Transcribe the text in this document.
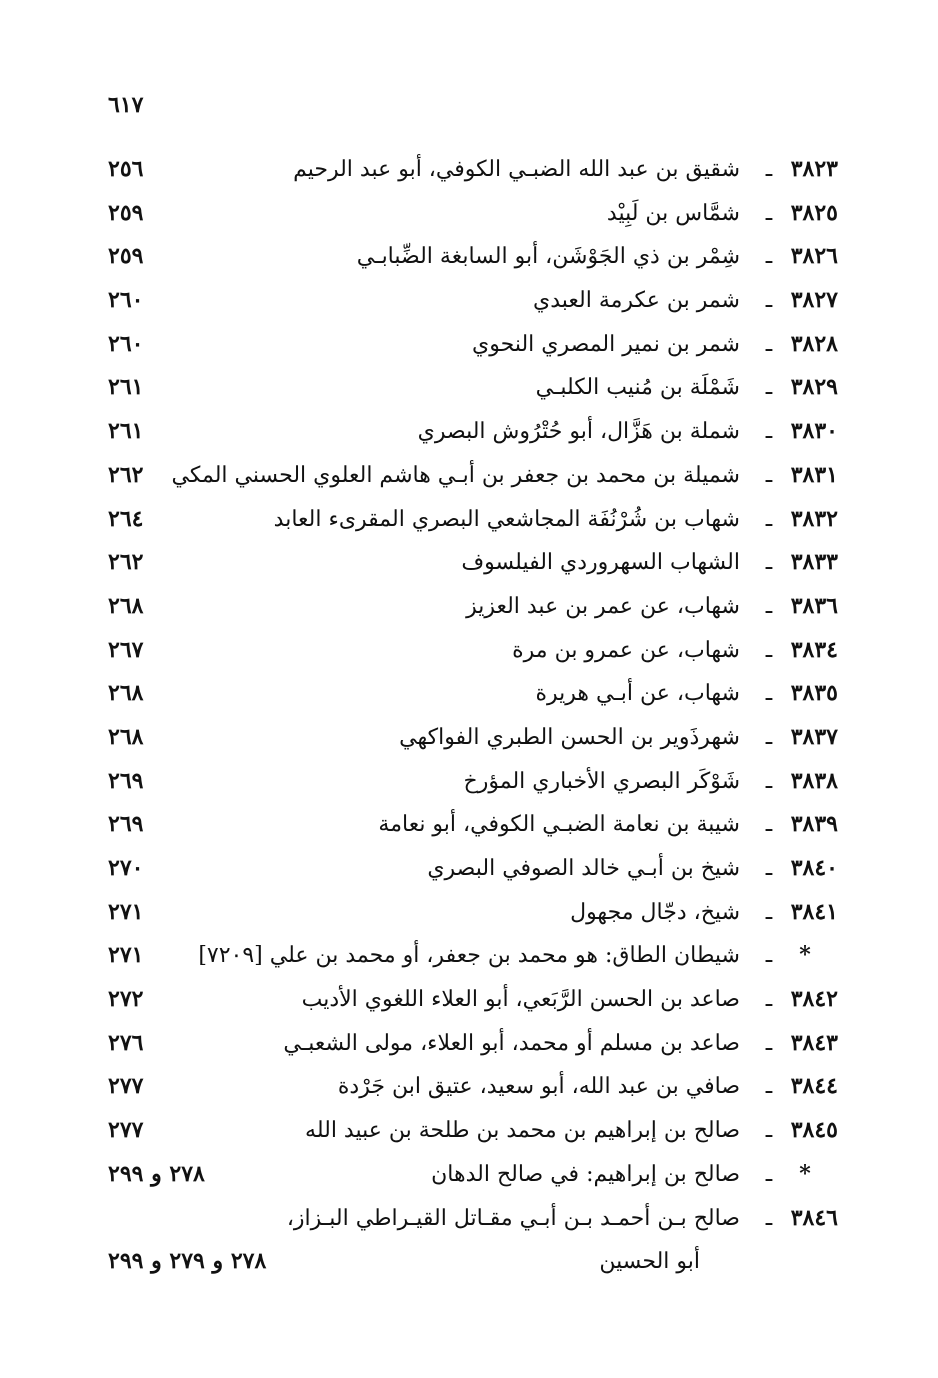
٦١٧
٣٨٢٣
ـ
شقيق بن عبد الله الضبـي الكوفي، أبو عبد الرحيم
٢٥٦
٣٨٢٥
ـ
شمَّاس بن لَبِيْد
٢٥٩
٣٨٢٦
ـ
شِمْر بن ذي الجَوْشَن، أبو السابغة الضِّبابـي
٢٥٩
٣٨٢٧
ـ
شمر بن عكرمة العبدي
٢٦٠
٣٨٢٨
ـ
شمر بن نمير المصري النحوي
٢٦٠
٣٨٢٩
ـ
شَمْلَة بن مُنيب الكلبـي
٢٦١
٣٨٣٠
ـ
شملة بن هَزَّال، أبو حُتْرُوش البصري
٢٦١
٣٨٣١
ـ
شميلة بن محمد بن جعفر بن أبـي هاشم العلوي الحسني المكي
٢٦٢
٣٨٣٢
ـ
شهاب بن شُرْنُفَة المجاشعي البصري المقرىء العابد
٢٦٤
٣٨٣٣
ـ
الشهاب السهروردي الفيلسوف
٢٦٢
٣٨٣٦
ـ
شهاب، عن عمر بن عبد العزيز
٢٦٨
٣٨٣٤
ـ
شهاب، عن عمرو بن مرة
٢٦٧
٣٨٣٥
ـ
شهاب، عن أبـي هريرة
٢٦٨
٣٨٣٧
ـ
شهرذَوير بن الحسن الطبري الفواكهي
٢٦٨
٣٨٣٨
ـ
شَوْكَر البصري الأخباري المؤرخ
٢٦٩
٣٨٣٩
ـ
شيبة بن نعامة الضبـي الكوفي، أبو نعامة
٢٦٩
٣٨٤٠
ـ
شيخ بن أبـي خالد الصوفي البصري
٢٧٠
٣٨٤١
ـ
شيخ، دجّال مجهول
٢٧١
*
ـ
شيطان الطاق: هو محمد بن جعفر، أو محمد بن علي [٧٢٠٩]
٢٧١
٣٨٤٢
ـ
صاعد بن الحسن الرَّبَعي، أبو العلاء اللغوي الأديب
٢٧٢
٣٨٤٣
ـ
صاعد بن مسلم أو محمد، أبو العلاء، مولى الشعبـي
٢٧٦
٣٨٤٤
ـ
صافي بن عبد الله، أبو سعيد، عتيق ابن جَرْدة
٢٧٧
٣٨٤٥
ـ
صالح بن إبراهيم بن محمد بن طلحة بن عبيد الله
٢٧٧
*
ـ
صالح بن إبراهيم: في صالح الدهان
٢٧٨ و ٢٩٩
٣٨٤٦
ـ
صالح بـن أحمـد بـن أبـي مقـاتل القيـراطي البـزاز،
أبو الحسين
٢٧٨ و ٢٧٩ و ٢٩٩
